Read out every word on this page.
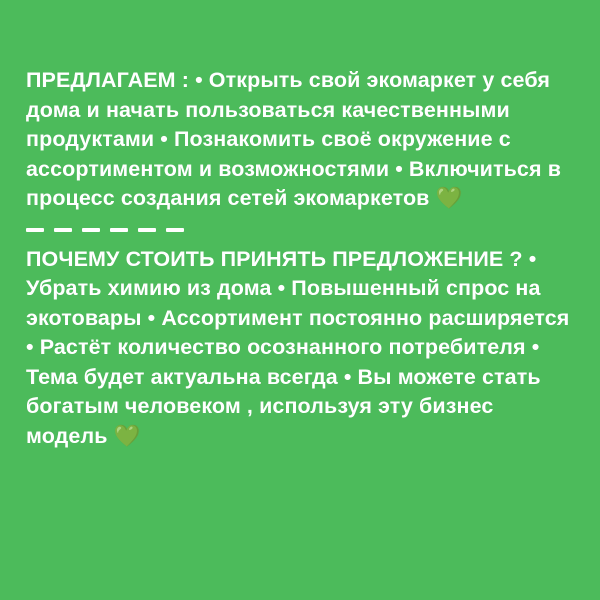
ПРЕДЛАГАЕМ : • Открыть свой экомаркет у себя дома и начать пользоваться качественными продуктами • Познакомить своё окружение с ассортиментом и возможностями • Включиться в процесс создания сетей экомаркетов 💚
ПОЧЕМУ СТОИТЬ ПРИНЯТЬ ПРЕДЛОЖЕНИЕ ? • Убрать химию из дома • Повышенный спрос на экотовары • Ассортимент постоянно расширяется • Растёт количество осознанного потребителя • Тема будет актуальна всегда • Вы можете стать богатым человеком , используя эту бизнес модель 💚
